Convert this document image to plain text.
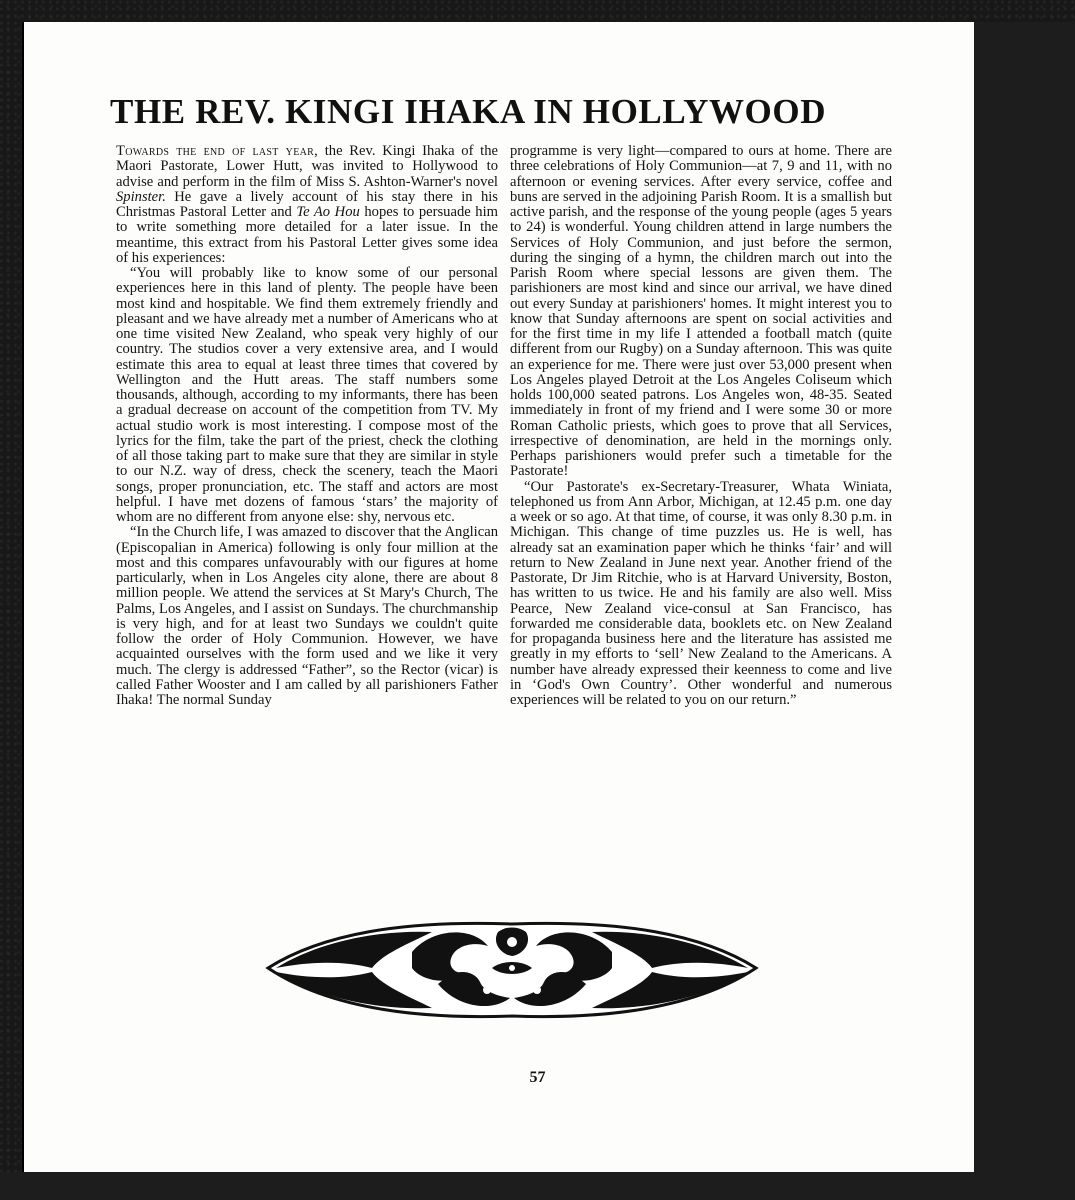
THE REV. KINGI IHAKA IN HOLLYWOOD

Towards the end of last year, the Rev. Kingi Ihaka of the Maori Pastorate, Lower Hutt, was invited to Hollywood to advise and perform in the film of Miss S. Ashton-Warner's novel Spinster. He gave a lively account of his stay there in his Christmas Pastoral Letter and Te Ao Hou hopes to persuade him to write something more detailed for a later issue. In the meantime, this extract from his Pastoral Letter gives some idea of his experiences:

“You will probably like to know some of our personal experiences here in this land of plenty. The people have been most kind and hospitable. We find them extremely friendly and pleasant and we have already met a number of Americans who at one time visited New Zealand, who speak very highly of our country. The studios cover a very extensive area, and I would estimate this area to equal at least three times that covered by Wellington and the Hutt areas. The staff numbers some thousands, although, according to my informants, there has been a gradual decrease on account of the competition from TV. My actual studio work is most interesting. I compose most of the lyrics for the film, take the part of the priest, check the clothing of all those taking part to make sure that they are similar in style to our N.Z. way of dress, check the scenery, teach the Maori songs, proper pronunciation, etc. The staff and actors are most helpful. I have met dozens of famous ‘stars’ the majority of whom are no different from anyone else: shy, nervous etc.

“In the Church life, I was amazed to discover that the Anglican (Episcopalian in America) following is only four million at the most and this compares unfavourably with our figures at home particularly, when in Los Angeles city alone, there are about 8 million people. We attend the services at St Mary's Church, The Palms, Los Angeles, and I assist on Sundays. The churchmanship is very high, and for at least two Sundays we couldn't quite follow the order of Holy Communion. However, we have acquainted ourselves with the form used and we like it very much. The clergy is addressed “Father”, so the Rector (vicar) is called Father Wooster and I am called by all parishioners Father Ihaka! The normal Sunday

programme is very light—compared to ours at home. There are three celebrations of Holy Communion—at 7, 9 and 11, with no afternoon or evening services. After every service, coffee and buns are served in the adjoining Parish Room. It is a smallish but active parish, and the response of the young people (ages 5 years to 24) is wonderful. Young children attend in large numbers the Services of Holy Communion, and just before the sermon, during the singing of a hymn, the children march out into the Parish Room where special lessons are given them. The parishioners are most kind and since our arrival, we have dined out every Sunday at parishioners' homes. It might interest you to know that Sunday afternoons are spent on social activities and for the first time in my life I attended a football match (quite different from our Rugby) on a Sunday afternoon. This was quite an experience for me. There were just over 53,000 present when Los Angeles played Detroit at the Los Angeles Coliseum which holds 100,000 seated patrons. Los Angeles won, 48-35. Seated immediately in front of my friend and I were some 30 or more Roman Catholic priests, which goes to prove that all Services, irrespective of denomination, are held in the mornings only. Perhaps parishioners would prefer such a timetable for the Pastorate!

“Our Pastorate's ex-Secretary-Treasurer, Whata Winiata, telephoned us from Ann Arbor, Michigan, at 12.45 p.m. one day a week or so ago. At that time, of course, it was only 8.30 p.m. in Michigan. This change of time puzzles us. He is well, has already sat an examination paper which he thinks ‘fair’ and will return to New Zealand in June next year. Another friend of the Pastorate, Dr Jim Ritchie, who is at Harvard University, Boston, has written to us twice. He and his family are also well. Miss Pearce, New Zealand vice-consul at San Francisco, has forwarded me considerable data, booklets etc. on New Zealand for propaganda business here and the literature has assisted me greatly in my efforts to ‘sell’ New Zealand to the Americans. A number have already expressed their keenness to come and live in ‘God's Own Country’. Other wonderful and numerous experiences will be related to you on our return.”

57
